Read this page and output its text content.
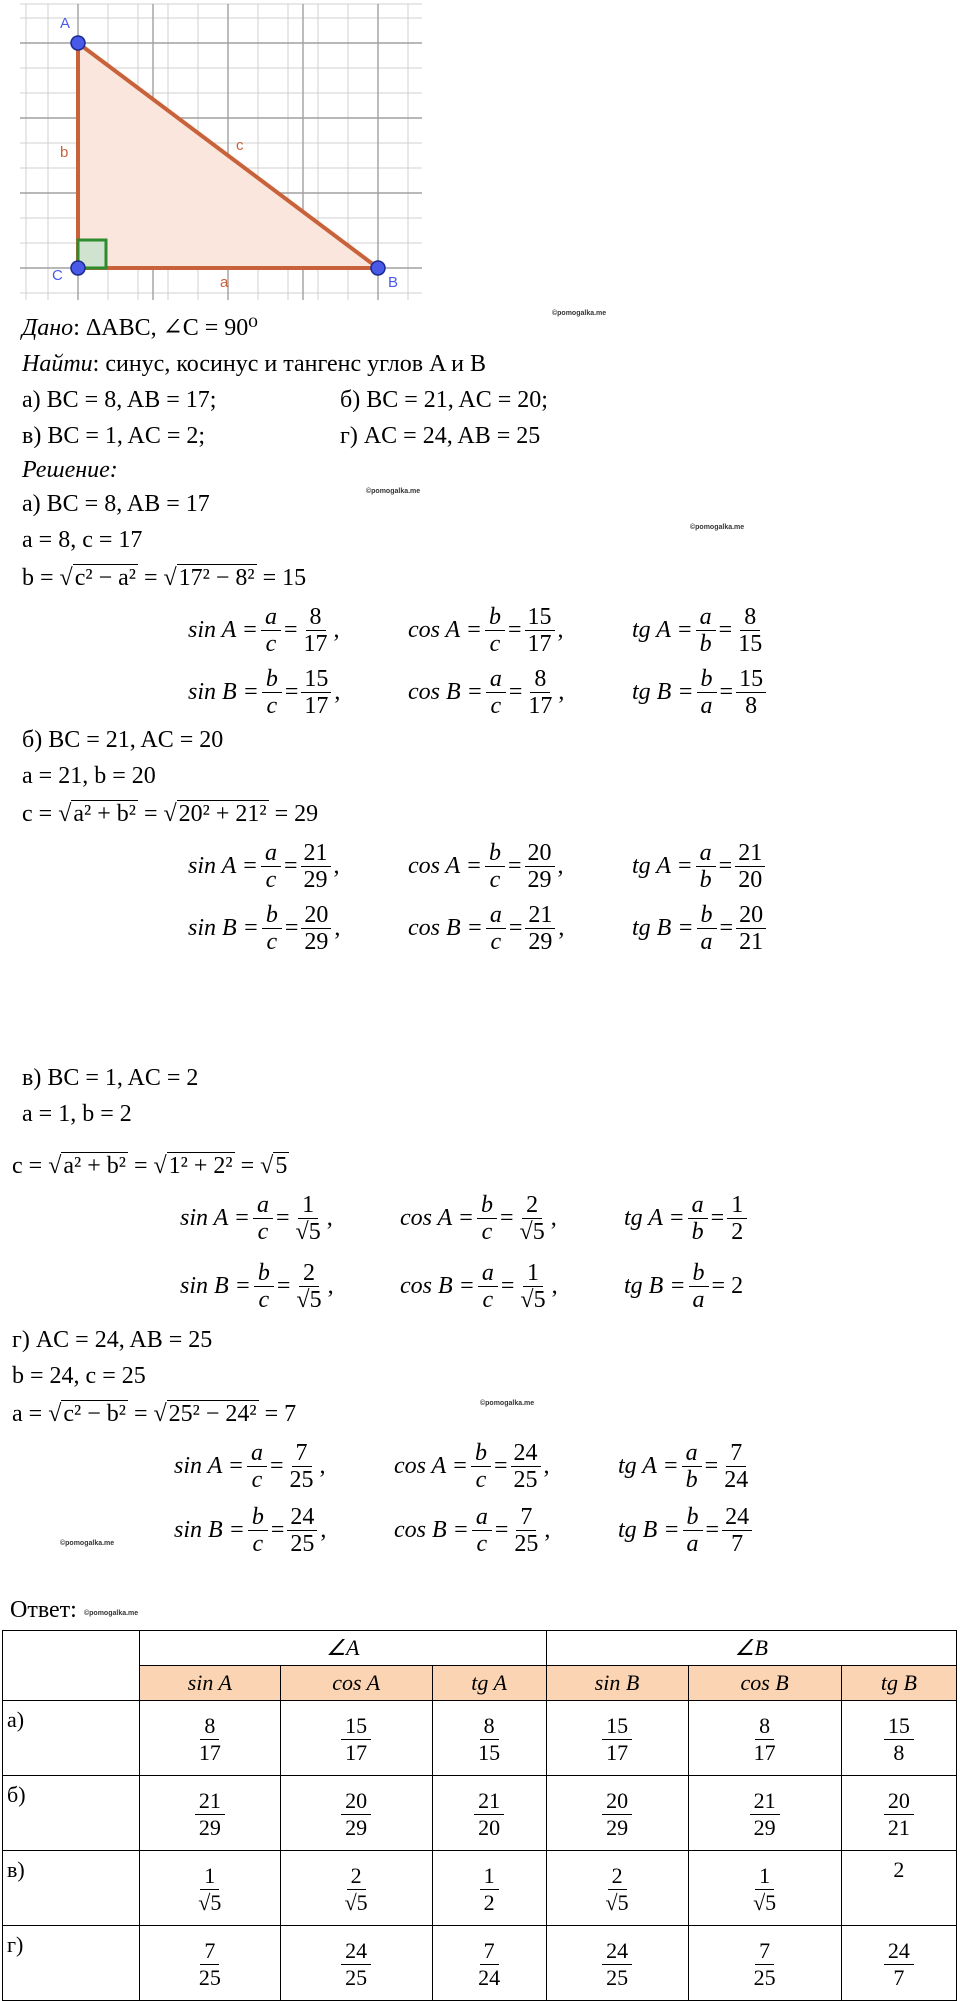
A
C	B
b	c
a
©pomogalka.me
©pomogalka.me
©pomogalka.me
©pomogalka.me
©pomogalka.me
©pomogalka.me
Дано: ΔABC, ∠C = 90⁰
Найти: синус, косинус и тангенс углов A и B
а) BC = 8, AB = 17;	б) BC = 21, AC = 20;
в) BC = 1, AC = 2;	г) AC = 24, AB = 25
Решение:
а) BC = 8, AB = 17
a = 8, c = 17
b = √c² − a² = √17² − 8² = 15
$\sin A = \frac{a}{c} = \frac{8}{17}$ ,	$\cos A = \frac{b}{c} = \frac{15}{17}$ ,	tg $A = \frac{a}{b} = \frac{8}{15}$
$\sin B = \frac{b}{c} = \frac{15}{17}$ ,	$\cos B = \frac{a}{c} = \frac{8}{17}$ ,	tg $B = \frac{b}{a} = \frac{15}{8}$
б) BC = 21, AC = 20
a = 21, b = 20
c = √a² + b² = √20² + 21² = 29
$\sin A = \frac{a}{c} = \frac{21}{29}$ ,	$\cos A = \frac{b}{c} = \frac{20}{29}$ ,	tg $A = \frac{a}{b} = \frac{21}{20}$
$\sin B = \frac{b}{c} = \frac{20}{29}$ ,	$\cos B = \frac{a}{c} = \frac{21}{29}$ ,	tg $B = \frac{b}{a} = \frac{20}{21}$
в) BC = 1, AC = 2
a = 1, b = 2
c = √a² + b² = √1² + 2² = √5
$\sin A = \frac{a}{c} = \frac{1}{√5}$ ,	$\cos A = \frac{b}{c} = \frac{2}{√5}$ ,	tg $A = \frac{a}{b} = \frac{1}{2}$
$\sin B = \frac{b}{c} = \frac{2}{√5}$ ,	$\cos B = \frac{a}{c} = \frac{1}{√5}$ ,	tg $B = \frac{b}{a} = 2$
г) AC = 24, AB = 25
b = 24, c = 25
a = √c² − b² = √25² − 24² = 7
$\sin A = \frac{a}{c} = \frac{7}{25}$ ,	$\cos A = \frac{b}{c} = \frac{24}{25}$ ,	tg $A = \frac{a}{b} = \frac{7}{24}$
$\sin B = \frac{b}{c} = \frac{24}{25}$ ,	$\cos B = \frac{a}{c} = \frac{7}{25}$ ,	tg $B = \frac{b}{a} = \frac{24}{7}$
Ответ:
	∠A			∠B		
	sin A	cos A	tg A	sin B	cos B	tg B
а)	$\frac{8}{17}$	$\frac{15}{17}$	$\frac{8}{15}$	$\frac{15}{17}$	$\frac{8}{17}$	$\frac{15}{8}$

б)	$\frac{21}{29}$	$\frac{20}{29}$	$\frac{21}{20}$	$\frac{20}{29}$	$\frac{21}{29}$	$\frac{20}{21}$

в)	$\frac{1}{√5}$	$\frac{2}{√5}$	$\frac{1}{2}$	$\frac{2}{√5}$	$\frac{1}{√5}$	2
г)	$\frac{7}{25}$	$\frac{24}{25}$	$\frac{7}{24}$	$\frac{24}{25}$	$\frac{7}{25}$	$\frac{24}{7}$
